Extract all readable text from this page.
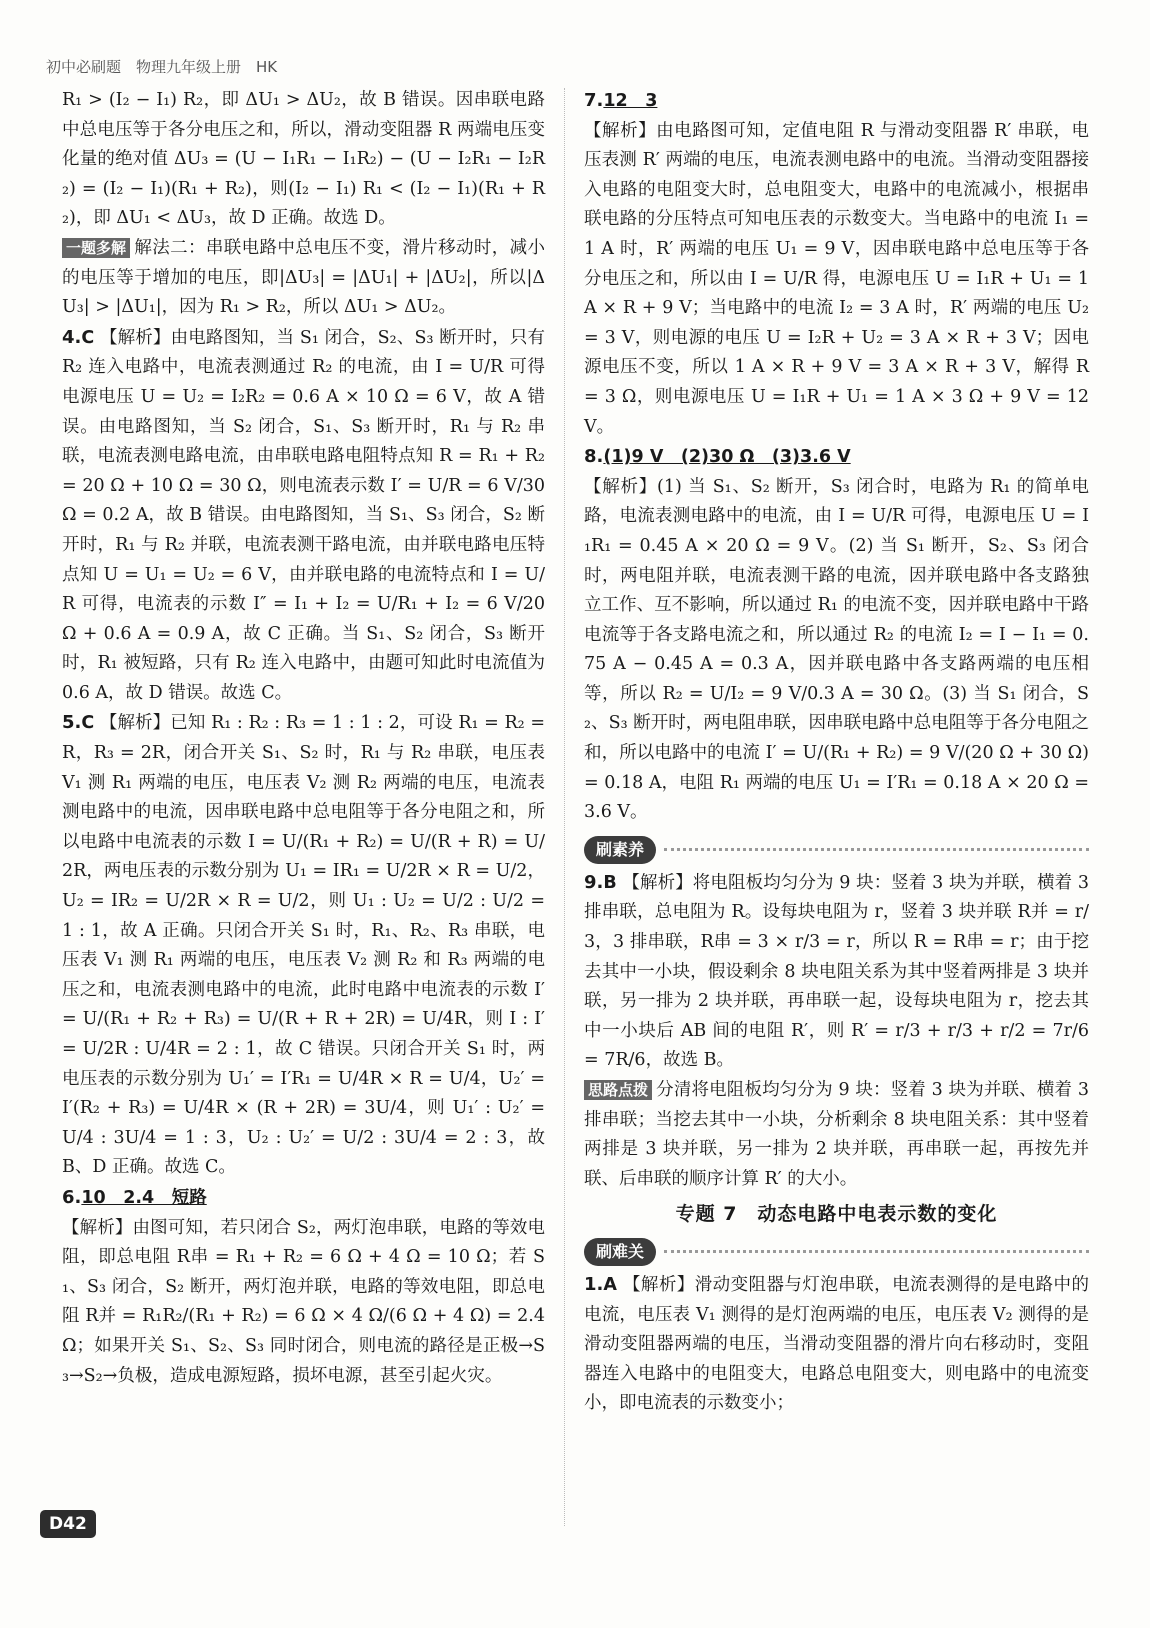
初中必刷题　物理九年级上册　HK

R₁ > (I₂ − I₁) R₂，即 ΔU₁ > ΔU₂，故 B 错误。因串联电路中总电压等于各分电压之和，所以，滑动变阻器 R 两端电压变化量的绝对值 ΔU₃ = (U − I₁R₁ − I₁R₂) − (U − I₂R₁ − I₂R₂) = (I₂ − I₁)(R₁ + R₂)，则(I₂ − I₁) R₁ < (I₂ − I₁)(R₁ + R₂)，即 ΔU₁ < ΔU₃，故 D 正确。故选 D。

一题多解 解法二：串联电路中总电压不变，滑片移动时，减小的电压等于增加的电压，即|ΔU₃| = |ΔU₁| + |ΔU₂|，所以|ΔU₃| > |ΔU₁|，因为 R₁ > R₂，所以 ΔU₁ > ΔU₂。

4.C 【解析】由电路图知，当 S₁ 闭合，S₂、S₃ 断开时，只有 R₂ 连入电路中，电流表测通过 R₂ 的电流，由 I = U/R 可得电源电压 U = U₂ = I₂R₂ = 0.6 A × 10 Ω = 6 V，故 A 错误。由电路图知，当 S₂ 闭合，S₁、S₃ 断开时，R₁ 与 R₂ 串联，电流表测电路电流，由串联电路电阻特点知 R = R₁ + R₂ = 20 Ω + 10 Ω = 30 Ω，则电流表示数 I′ = U/R = 6 V/30 Ω = 0.2 A，故 B 错误。由电路图知，当 S₁、S₃ 闭合，S₂ 断开时，R₁ 与 R₂ 并联，电流表测干路电流，由并联电路电压特点知 U = U₁ = U₂ = 6 V，由并联电路的电流特点和 I = U/R 可得，电流表的示数 I″ = I₁ + I₂ = U/R₁ + I₂ = 6 V/20 Ω + 0.6 A = 0.9 A，故 C 正确。当 S₁、S₂ 闭合，S₃ 断开时，R₁ 被短路，只有 R₂ 连入电路中，由题可知此时电流值为 0.6 A，故 D 错误。故选 C。

5.C 【解析】已知 R₁ : R₂ : R₃ = 1 : 1 : 2，可设 R₁ = R₂ = R，R₃ = 2R，闭合开关 S₁、S₂ 时，R₁ 与 R₂ 串联，电压表 V₁ 测 R₁ 两端的电压，电压表 V₂ 测 R₂ 两端的电压，电流表测电路中的电流，因串联电路中总电阻等于各分电阻之和，所以电路中电流表的示数 I = U/(R₁ + R₂) = U/(R + R) = U/2R，两电压表的示数分别为 U₁ = IR₁ = U/2R × R = U/2，U₂ = IR₂ = U/2R × R = U/2，则 U₁ : U₂ = U/2 : U/2 = 1 : 1，故 A 正确。只闭合开关 S₁ 时，R₁、R₂、R₃ 串联，电压表 V₁ 测 R₁ 两端的电压，电压表 V₂ 测 R₂ 和 R₃ 两端的电压之和，电流表测电路中的电流，此时电路中电流表的示数 I′ = U/(R₁ + R₂ + R₃) = U/(R + R + 2R) = U/4R，则 I : I′ = U/2R : U/4R = 2 : 1，故 C 错误。只闭合开关 S₁ 时，两电压表的示数分别为 U₁′ = I′R₁ = U/4R × R = U/4，U₂′ = I′(R₂ + R₃) = U/4R × (R + 2R) = 3U/4，则 U₁′ : U₂′ = U/4 : 3U/4 = 1 : 3，U₂ : U₂′ = U/2 : 3U/4 = 2 : 3，故 B、D 正确。故选 C。

6.10　2.4　短路

【解析】由图可知，若只闭合 S₂，两灯泡串联，电路的等效电阻，即总电阻 R串 = R₁ + R₂ = 6 Ω + 4 Ω = 10 Ω；若 S₁、S₃ 闭合，S₂ 断开，两灯泡并联，电路的等效电阻，即总电阻 R并 = R₁R₂/(R₁ + R₂) = 6 Ω × 4 Ω/(6 Ω + 4 Ω) = 2.4 Ω；如果开关 S₁、S₂、S₃ 同时闭合，则电流的路径是正极→S₃→S₂→负极，造成电源短路，损坏电源，甚至引起火灾。

7.12　3

【解析】由电路图可知，定值电阻 R 与滑动变阻器 R′ 串联，电压表测 R′ 两端的电压，电流表测电路中的电流。当滑动变阻器接入电路的电阻变大时，总电阻变大，电路中的电流减小，根据串联电路的分压特点可知电压表的示数变大。当电路中的电流 I₁ = 1 A 时，R′ 两端的电压 U₁ = 9 V，因串联电路中总电压等于各分电压之和，所以由 I = U/R 得，电源电压 U = I₁R + U₁ = 1 A × R + 9 V；当电路中的电流 I₂ = 3 A 时，R′ 两端的电压 U₂ = 3 V，则电源的电压 U = I₂R + U₂ = 3 A × R + 3 V；因电源电压不变，所以 1 A × R + 9 V = 3 A × R + 3 V，解得 R = 3 Ω，则电源电压 U = I₁R + U₁ = 1 A × 3 Ω + 9 V = 12 V。

8.(1)9 V　(2)30 Ω　(3)3.6 V

【解析】(1) 当 S₁、S₂ 断开，S₃ 闭合时，电路为 R₁ 的简单电路，电流表测电路中的电流，由 I = U/R 可得，电源电压 U = I₁R₁ = 0.45 A × 20 Ω = 9 V。(2) 当 S₁ 断开，S₂、S₃ 闭合时，两电阻并联，电流表测干路的电流，因并联电路中各支路独立工作、互不影响，所以通过 R₁ 的电流不变，因并联电路中干路电流等于各支路电流之和，所以通过 R₂ 的电流 I₂ = I − I₁ = 0.75 A − 0.45 A = 0.3 A，因并联电路中各支路两端的电压相等，所以 R₂ = U/I₂ = 9 V/0.3 A = 30 Ω。(3) 当 S₁ 闭合，S₂、S₃ 断开时，两电阻串联，因串联电路中总电阻等于各分电阻之和，所以电路中的电流 I′ = U/(R₁ + R₂) = 9 V/(20 Ω + 30 Ω) = 0.18 A，电阻 R₁ 两端的电压 U₁ = I′R₁ = 0.18 A × 20 Ω = 3.6 V。

刷素养

9.B 【解析】将电阻板均匀分为 9 块：竖着 3 块为并联，横着 3 排串联，总电阻为 R。设每块电阻为 r，竖着 3 块并联 R并 = r/3，3 排串联，R串 = 3 × r/3 = r，所以 R = R串 = r；由于挖去其中一小块，假设剩余 8 块电阻关系为其中竖着两排是 3 块并联，另一排为 2 块并联，再串联一起，设每块电阻为 r，挖去其中一小块后 AB 间的电阻 R′，则 R′ = r/3 + r/3 + r/2 = 7r/6 = 7R/6，故选 B。

思路点拨 分清将电阻板均匀分为 9 块：竖着 3 块为并联、横着 3 排串联；当挖去其中一小块，分析剩余 8 块电阻关系：其中竖着两排是 3 块并联，另一排为 2 块并联，再串联一起，再按先并联、后串联的顺序计算 R′ 的大小。

专题 7　动态电路中电表示数的变化
刷难关

1.A 【解析】滑动变阻器与灯泡串联，电流表测得的是电路中的电流，电压表 V₁ 测得的是灯泡两端的电压，电压表 V₂ 测得的是滑动变阻器两端的电压，当滑动变阻器的滑片向右移动时，变阻器连入电路中的电阻变大，电路总电阻变大，则电路中的电流变小，即电流表的示数变小；

D42
